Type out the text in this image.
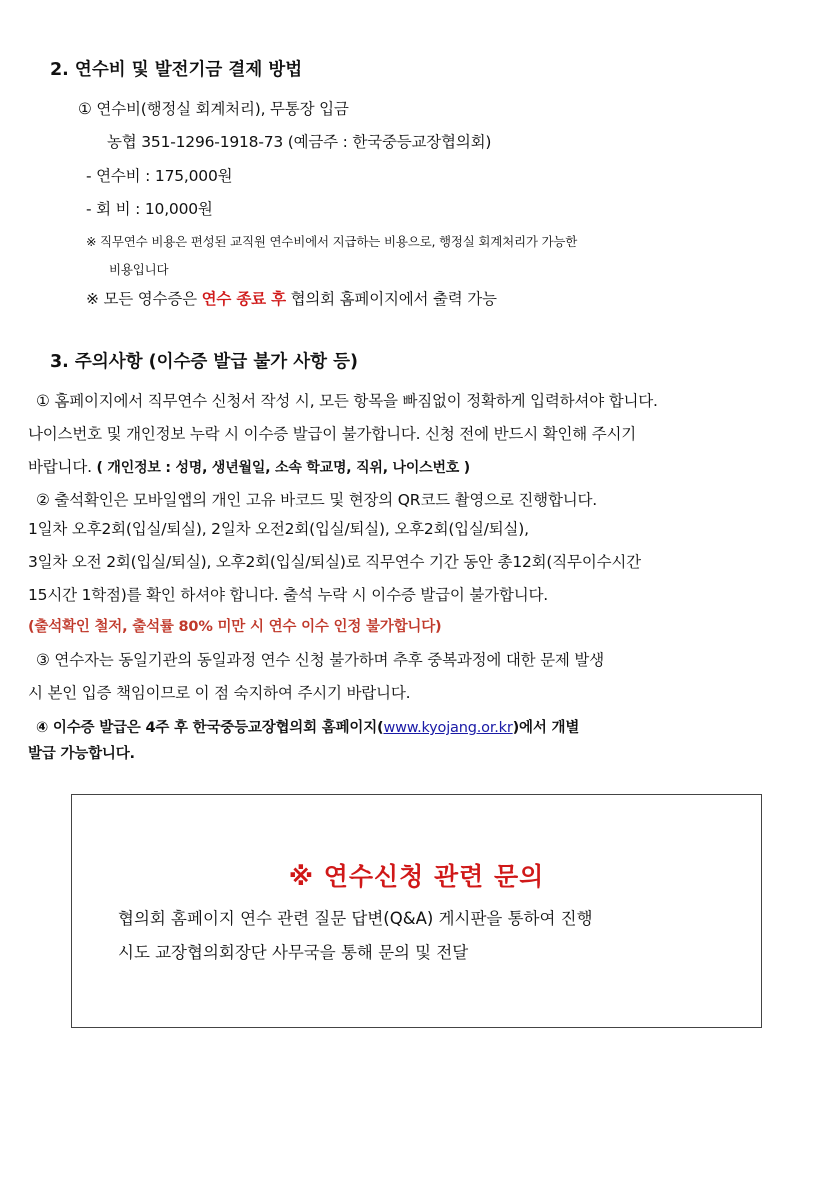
2. 연수비 및 발전기금 결제 방법
① 연수비(행정실 회계처리), 무통장 입금
농협 351-1296-1918-73 (예금주 : 한국중등교장협의회)
- 연수비 : 175,000원
- 회 비 : 10,000원
※ 직무연수 비용은 편성된 교직원 연수비에서 지급하는 비용으로, 행정실 회계처리가 가능한
비용입니다
※ 모든 영수증은 연수 종료 후 협의회 홈페이지에서 출력 가능
3. 주의사항 (이수증 발급 불가 사항 등)
① 홈페이지에서 직무연수 신청서 작성 시, 모든 항목을 빠짐없이 정확하게 입력하셔야 합니다.
나이스번호 및 개인정보 누락 시 이수증 발급이 불가합니다. 신청 전에 반드시 확인해 주시기
바랍니다. ( 개인정보 : 성명, 생년월일, 소속 학교명, 직위, 나이스번호 )
② 출석확인은 모바일앱의 개인 고유 바코드 및 현장의 QR코드 촬영으로 진행합니다.
1일차 오후2회(입실/퇴실), 2일차 오전2회(입실/퇴실), 오후2회(입실/퇴실),
3일차 오전 2회(입실/퇴실), 오후2회(입실/퇴실)로 직무연수 기간 동안 총12회(직무이수시간
15시간 1학점)를 확인 하셔야 합니다. 출석 누락 시 이수증 발급이 불가합니다.
(출석확인 철저, 출석률 80% 미만 시 연수 이수 인정 불가합니다)
③ 연수자는 동일기관의 동일과정 연수 신청 불가하며 추후 중복과정에 대한 문제 발생
시 본인 입증 책임이므로 이 점 숙지하여 주시기 바랍니다.
④ 이수증 발급은 4주 후 한국중등교장협의회 홈페이지(www.kyojang.or.kr)에서 개별
발급 가능합니다.
※ 연수신청 관련 문의
협의회 홈페이지 연수 관련 질문 답변(Q&A) 게시판을 통하여 진행
시도 교장협의회장단 사무국을 통해 문의 및 전달
